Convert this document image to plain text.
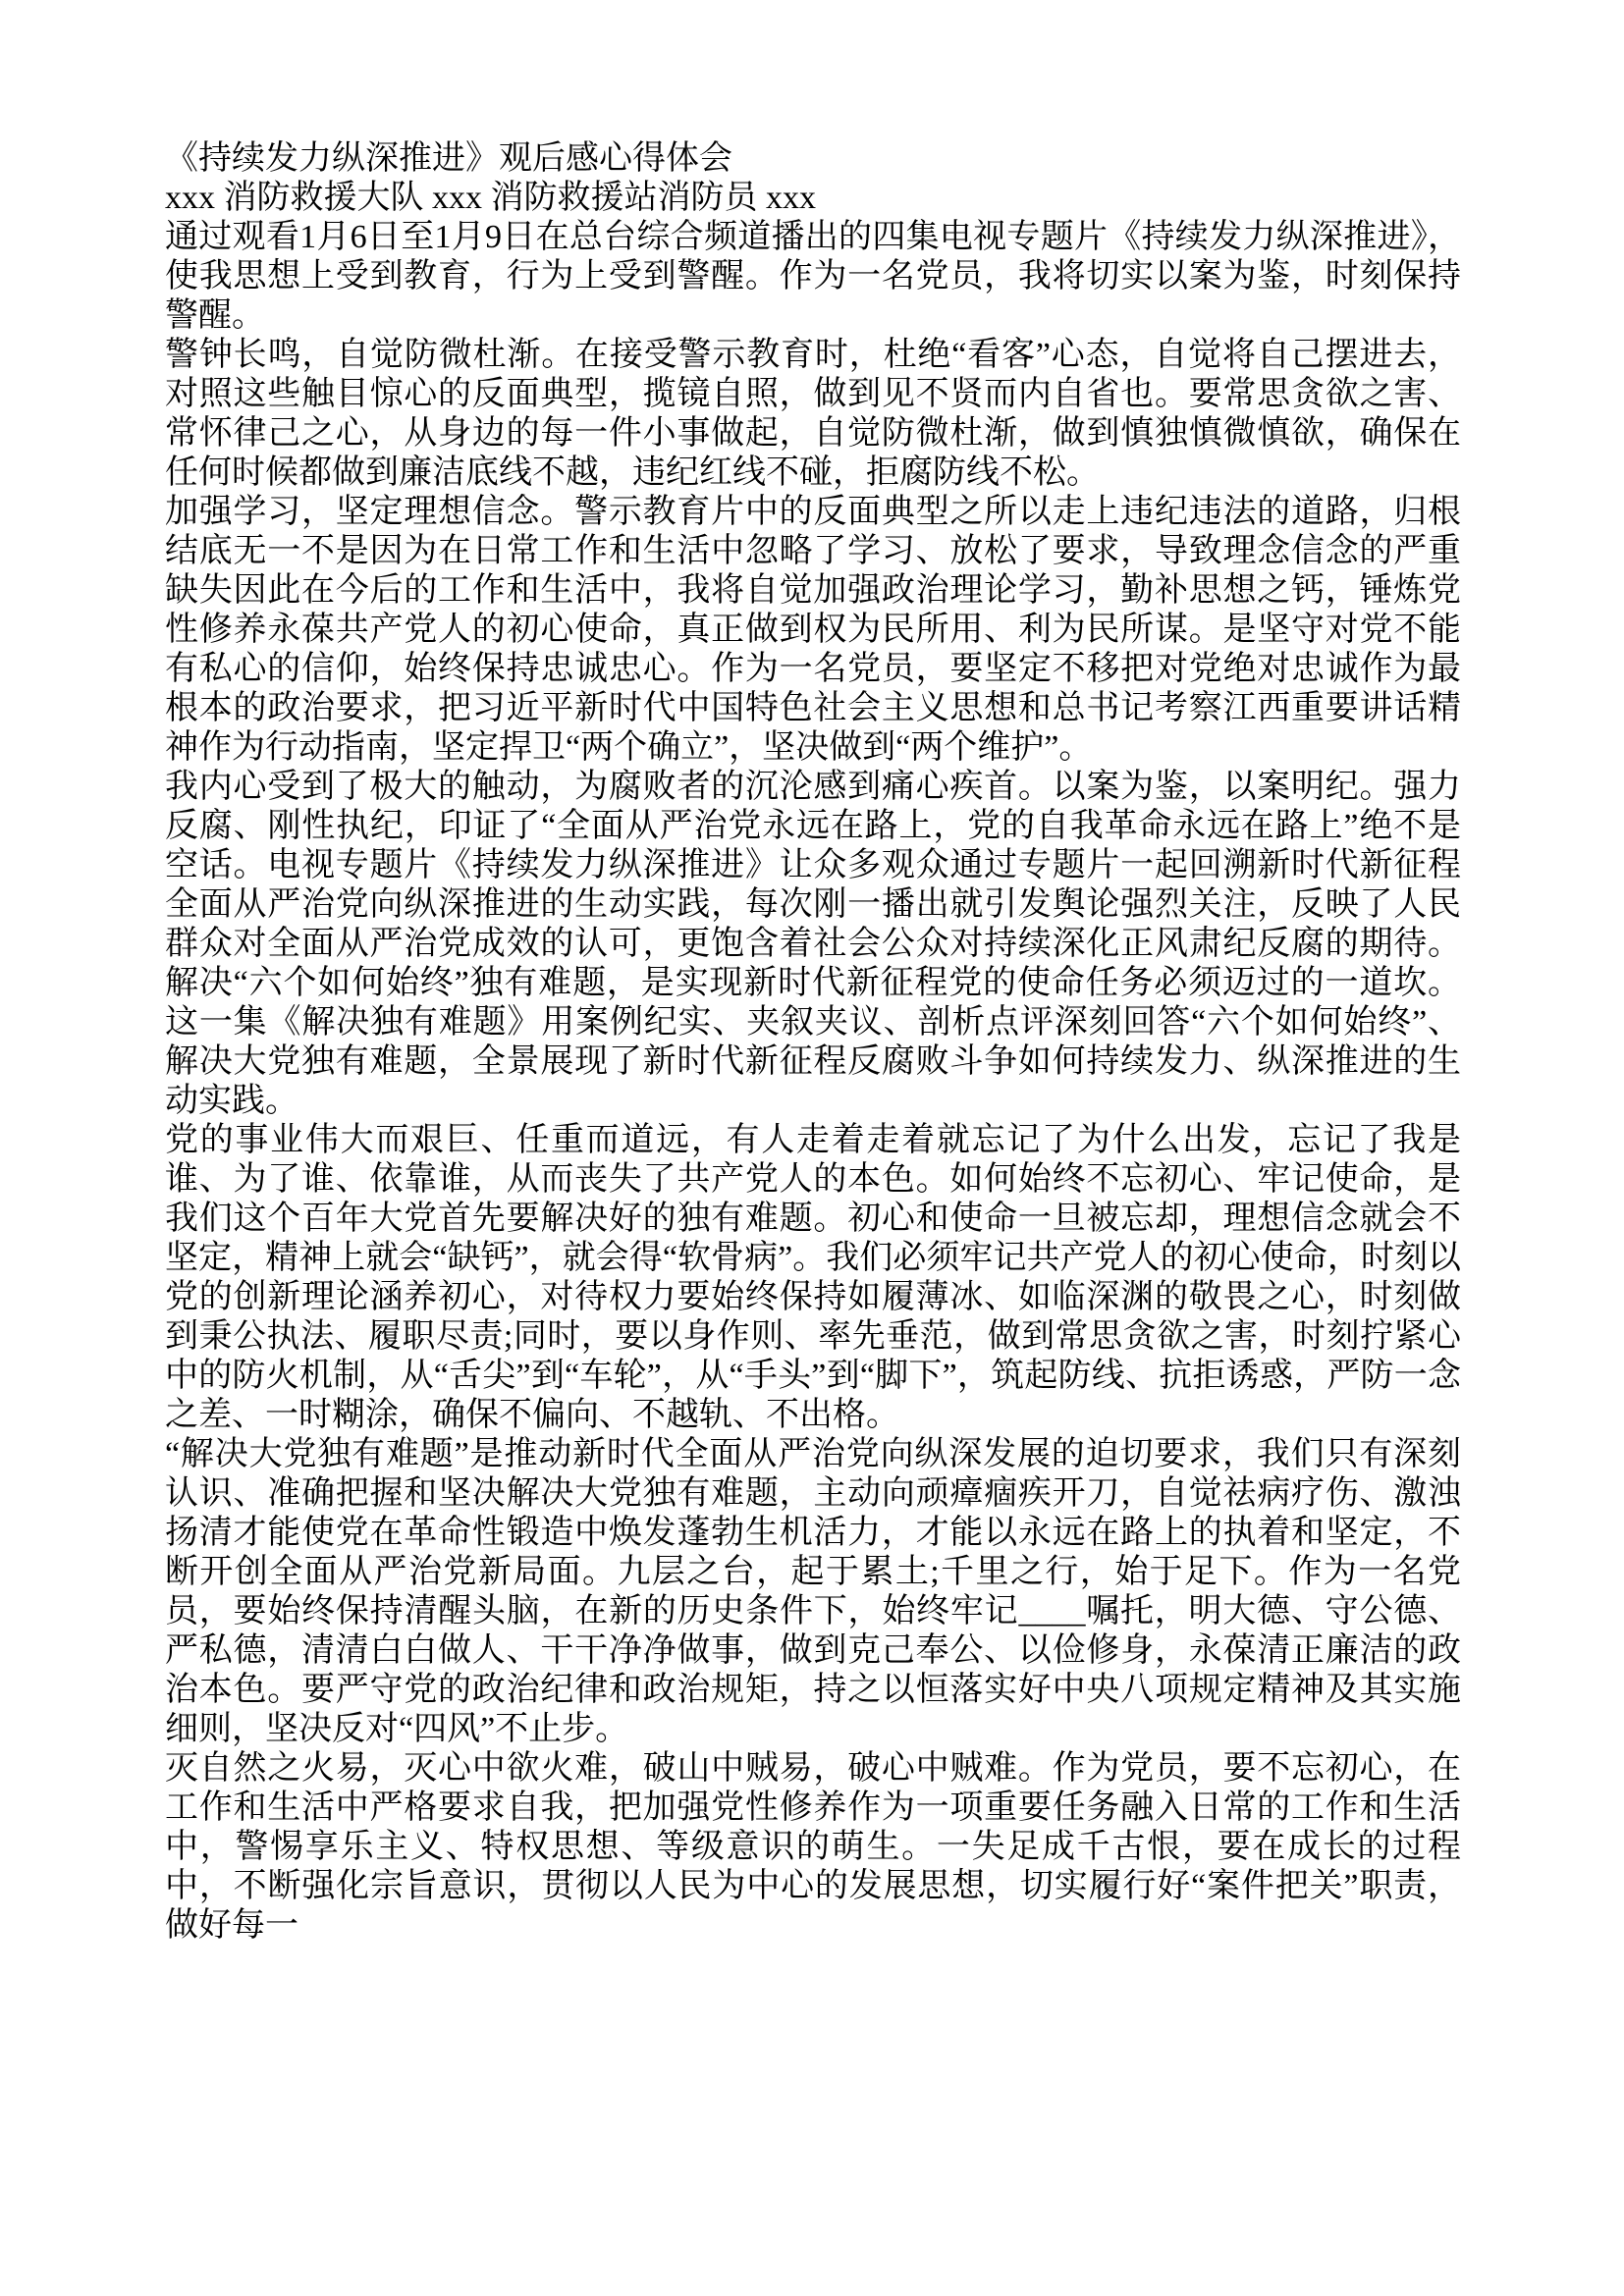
《持续发力纵深推进》观后感心得体会

xxx 消防救援大队 xxx 消防救援站消防员 xxx

通过观看1月6日至1月9日在总台综合频道播出的四集电视专题片《持续发力纵深推进》，使我思想上受到教育，行为上受到警醒。作为一名党员，我将切实以案为鉴，时刻保持警醒。

警钟长鸣，自觉防微杜渐。在接受警示教育时，杜绝“看客”心态，自觉将自己摆进去，对照这些触目惊心的反面典型，揽镜自照，做到见不贤而内自省也。要常思贪欲之害、常怀律己之心，从身边的每一件小事做起，自觉防微杜渐，做到慎独慎微慎欲，确保在任何时候都做到廉洁底线不越，违纪红线不碰，拒腐防线不松。

加强学习，坚定理想信念。警示教育片中的反面典型之所以走上违纪违法的道路，归根结底无一不是因为在日常工作和生活中忽略了学习、放松了要求，导致理念信念的严重缺失因此在今后的工作和生活中，我将自觉加强政治理论学习，勤补思想之钙，锤炼党性修养永葆共产党人的初心使命，真正做到权为民所用、利为民所谋。是坚守对党不能有私心的信仰，始终保持忠诚忠心。作为一名党员，要坚定不移把对党绝对忠诚作为最根本的政治要求，把习近平新时代中国特色社会主义思想和总书记考察江西重要讲话精神作为行动指南，坚定捍卫“两个确立”，坚决做到“两个维护”。

我内心受到了极大的触动，为腐败者的沉沦感到痛心疾首。以案为鉴，以案明纪。强力反腐、刚性执纪，印证了“全面从严治党永远在路上，党的自我革命永远在路上”绝不是空话。电视专题片《持续发力纵深推进》让众多观众通过专题片一起回溯新时代新征程全面从严治党向纵深推进的生动实践，每次刚一播出就引发舆论强烈关注，反映了人民群众对全面从严治党成效的认可，更饱含着社会公众对持续深化正风肃纪反腐的期待。解决“六个如何始终”独有难题，是实现新时代新征程党的使命任务必须迈过的一道坎。这一集《解决独有难题》用案例纪实、夹叙夹议、剖析点评深刻回答“六个如何始终”、解决大党独有难题，全景展现了新时代新征程反腐败斗争如何持续发力、纵深推进的生动实践。

党的事业伟大而艰巨、任重而道远，有人走着走着就忘记了为什么出发，忘记了我是谁、为了谁、依靠谁，从而丧失了共产党人的本色。如何始终不忘初心、牢记使命，是我们这个百年大党首先要解决好的独有难题。初心和使命一旦被忘却，理想信念就会不坚定，精神上就会“缺钙”，就会得“软骨病”。我们必须牢记共产党人的初心使命，时刻以党的创新理论涵养初心，对待权力要始终保持如履薄冰、如临深渊的敬畏之心，时刻做到秉公执法、履职尽责;同时，要以身作则、率先垂范，做到常思贪欲之害，时刻拧紧心中的防火机制，从“舌尖”到“车轮”，从“手头”到“脚下”，筑起防线、抗拒诱惑，严防一念之差、一时糊涂，确保不偏向、不越轨、不出格。

“解决大党独有难题”是推动新时代全面从严治党向纵深发展的迫切要求，我们只有深刻认识、准确把握和坚决解决大党独有难题，主动向顽瘴痼疾开刀，自觉祛病疗伤、激浊扬清才能使党在革命性锻造中焕发蓬勃生机活力，才能以永远在路上的执着和坚定，不断开创全面从严治党新局面。九层之台，起于累土;千里之行，始于足下。作为一名党员，要始终保持清醒头脑，在新的历史条件下，始终牢记____嘱托，明大德、守公德、严私德，清清白白做人、干干净净做事，做到克己奉公、以俭修身，永葆清正廉洁的政治本色。要严守党的政治纪律和政治规矩，持之以恒落实好中央八项规定精神及其实施细则，坚决反对“四风”不止步。

灭自然之火易，灭心中欲火难，破山中贼易，破心中贼难。作为党员，要不忘初心，在工作和生活中严格要求自我，把加强党性修养作为一项重要任务融入日常的工作和生活中，警惕享乐主义、特权思想、等级意识的萌生。一失足成千古恨，要在成长的过程中，不断强化宗旨意识，贯彻以人民为中心的发展思想，切实履行好“案件把关”职责，做好每一
